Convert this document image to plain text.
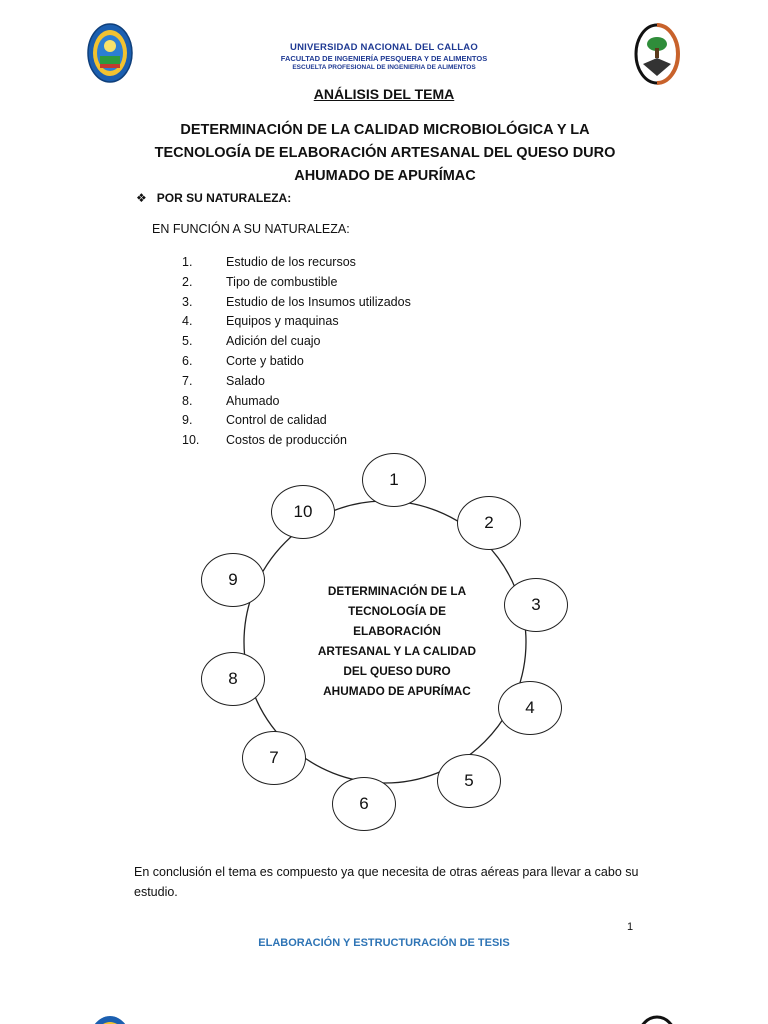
UNIVERSIDAD NACIONAL DEL CALLAO
FACULTAD DE INGENIERÍA PESQUERA Y DE ALIMENTOS
ESCUELTA PROFESIONAL DE INGENIERIA DE ALIMENTOS
ANÁLISIS DEL TEMA
DETERMINACIÓN DE LA CALIDAD MICROBIOLÓGICA Y LA TECNOLOGÍA DE ELABORACIÓN ARTESANAL DEL QUESO DURO AHUMADO DE APURÍMAC
❖ POR SU NATURALEZA:
EN FUNCIÓN A SU NATURALEZA:
1.	Estudio de los recursos
2.	Tipo de combustible
3.	Estudio de los Insumos utilizados
4.	Equipos y maquinas
5.	Adición del cuajo
6.	Corte y batido
7.	Salado
8.	Ahumado
9.	Control de calidad
10. Costos de producción
DETERMINACIÓN DE LA TECNOLOGÍA DE ELABORACIÓN ARTESANAL Y LA CALIDAD DEL QUESO DURO AHUMADO DE APURÍMAC
1
2
3
4
5
6
7
8
9
10
En conclusión el tema es compuesto ya que necesita de otras aéreas para llevar a cabo su estudio.
1
ELABORACIÓN Y ESTRUCTURACIÓN DE TESIS
